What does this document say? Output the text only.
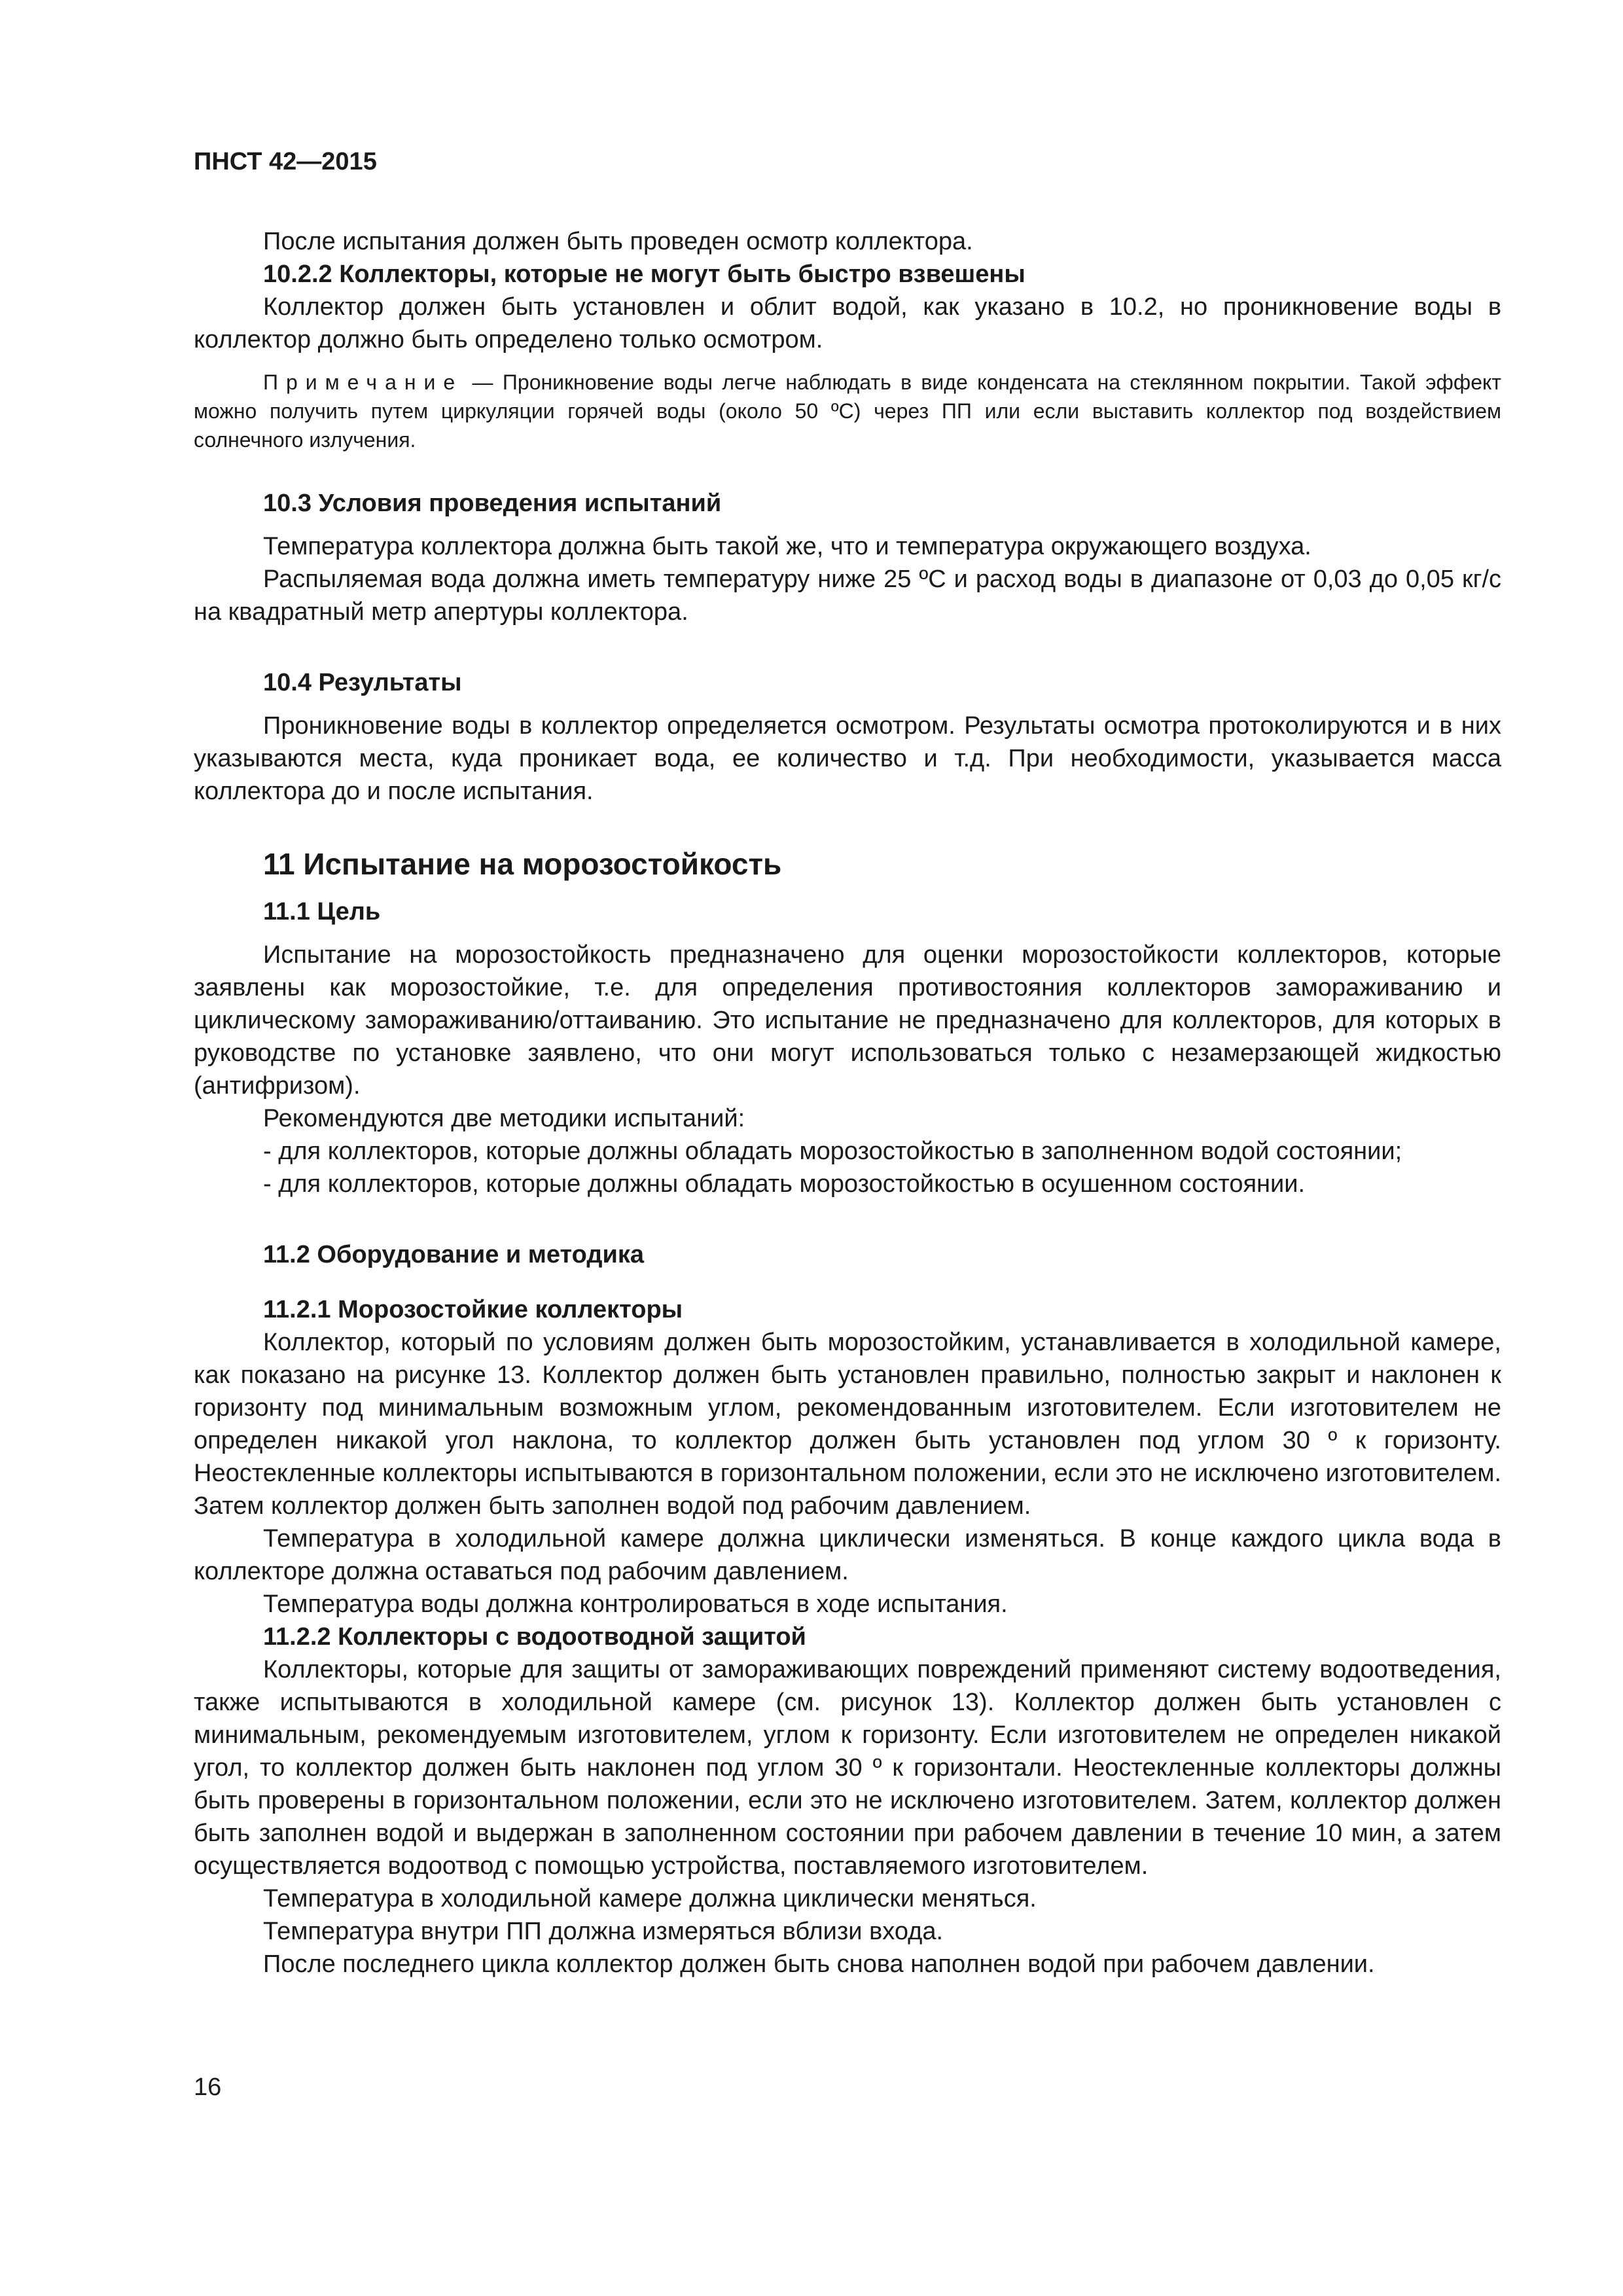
ПНСТ 42—2015

После испытания должен быть проведен осмотр коллектора.

10.2.2 Коллекторы, которые не могут быть быстро взвешены

Коллектор должен быть установлен и облит водой, как указано в 10.2, но проникновение воды в коллектор должно быть определено только осмотром.

Примечание — Проникновение воды легче наблюдать в виде конденсата на стеклянном покрытии. Такой эффект можно получить путем циркуляции горячей воды (около 50 ºC) через ПП или если выставить коллектор под воздействием солнечного излучения.

10.3 Условия проведения испытаний

Температура коллектора должна быть такой же, что и температура окружающего воздуха.

Распыляемая вода должна иметь температуру ниже 25 ºC и расход воды в диапазоне от 0,03 до 0,05 кг/с на квадратный метр апертуры коллектора.

10.4 Результаты

Проникновение воды в коллектор определяется осмотром. Результаты осмотра протоколируются и в них указываются места, куда проникает вода, ее количество и т.д. При необходимости, указывается масса коллектора до и после испытания.

11 Испытание на морозостойкость
11.1 Цель

Испытание на морозостойкость предназначено для оценки морозостойкости коллекторов, которые заявлены как морозостойкие, т.е. для определения противостояния коллекторов замораживанию и циклическому замораживанию/оттаиванию. Это испытание не предназначено для коллекторов, для которых в руководстве по установке заявлено, что они могут использоваться только с незамерзающей жидкостью (антифризом).

Рекомендуются две методики испытаний:

- для коллекторов, которые должны обладать морозостойкостью в заполненном водой состоянии;

- для коллекторов, которые должны обладать морозостойкостью в осушенном состоянии.

11.2 Оборудование и методика
11.2.1 Морозостойкие коллекторы

Коллектор, который по условиям должен быть морозостойким, устанавливается в холодильной камере, как показано на рисунке 13. Коллектор должен быть установлен правильно, полностью закрыт и наклонен к горизонту под минимальным возможным углом, рекомендованным изготовителем. Если изготовителем не определен никакой угол наклона, то коллектор должен быть установлен под углом 30 º к горизонту. Неостекленные коллекторы испытываются в горизонтальном положении, если это не исключено изготовителем. Затем коллектор должен быть заполнен водой под рабочим давлением.

Температура в холодильной камере должна циклически изменяться. В конце каждого цикла вода в коллекторе должна оставаться под рабочим давлением.

Температура воды должна контролироваться в ходе испытания.

11.2.2 Коллекторы с водоотводной защитой

Коллекторы, которые для защиты от замораживающих повреждений применяют систему водоотведения, также испытываются в холодильной камере (см. рисунок 13). Коллектор должен быть установлен с минимальным, рекомендуемым изготовителем, углом к горизонту. Если изготовителем не определен никакой угол, то коллектор должен быть наклонен под углом 30 º к горизонтали. Неостекленные коллекторы должны быть проверены в горизонтальном положении, если это не исключено изготовителем. Затем, коллектор должен быть заполнен водой и выдержан в заполненном состоянии при рабочем давлении в течение 10 мин, а затем осуществляется водоотвод с помощью устройства, поставляемого изготовителем.

Температура в холодильной камере должна циклически меняться.

Температура внутри ПП должна измеряться вблизи входа.

После последнего цикла коллектор должен быть снова наполнен водой при рабочем давлении.

16
